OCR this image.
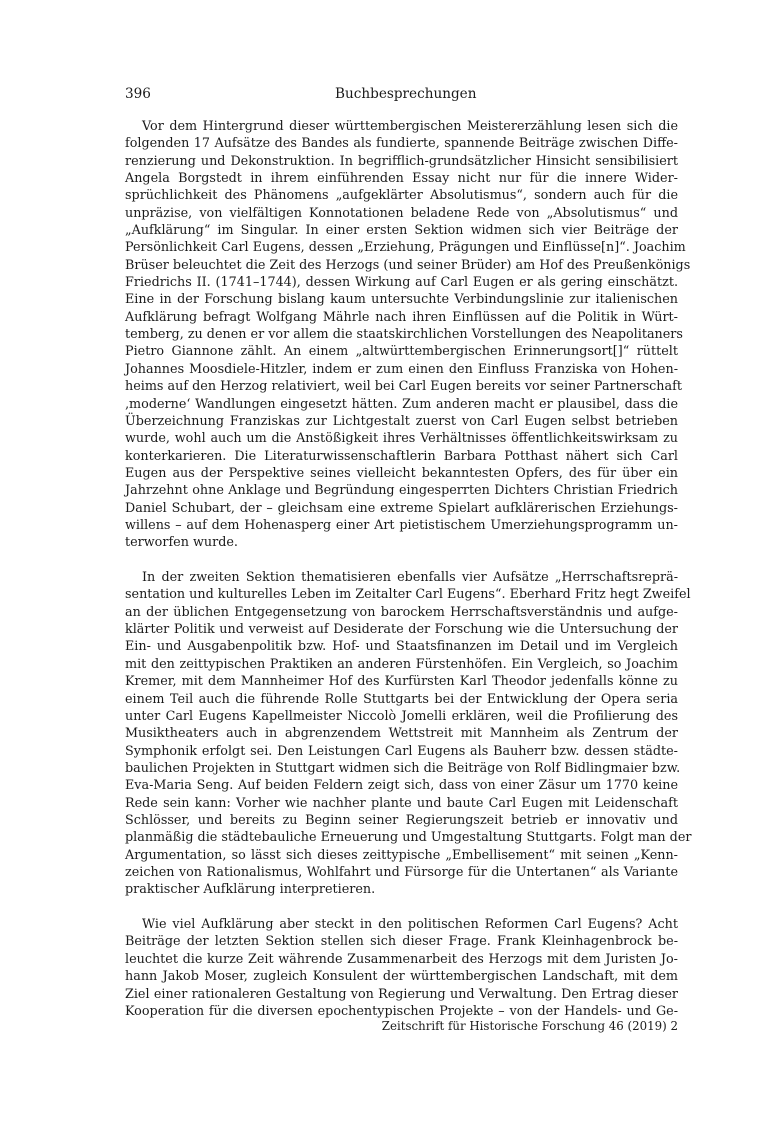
396	Buchbesprechungen
Vor dem Hintergrund dieser württembergischen Meistererzählung lesen sich die
folgenden 17 Aufsätze des Bandes als fundierte, spannende Beiträge zwischen Diffe-
renzierung und Dekonstruktion. In begrifflich-grundsätzlicher Hinsicht sensibilisiert
Angela Borgstedt in ihrem einführenden Essay nicht nur für die innere Wider-
sprüchlichkeit des Phänomens „aufgeklärter Absolutismus“, sondern auch für die
unpräzise, von vielfältigen Konnotationen beladene Rede von „Absolutismus“ und
„Aufklärung“ im Singular. In einer ersten Sektion widmen sich vier Beiträge der
Persönlichkeit Carl Eugens, dessen „Erziehung, Prägungen und Einflüsse[n]“. Joachim
Brüser beleuchtet die Zeit des Herzogs (und seiner Brüder) am Hof des Preußenkönigs
Friedrichs II. (1741–1744), dessen Wirkung auf Carl Eugen er als gering einschätzt.
Eine in der Forschung bislang kaum untersuchte Verbindungslinie zur italienischen
Aufklärung befragt Wolfgang Mährle nach ihren Einflüssen auf die Politik in Würt-
temberg, zu denen er vor allem die staatskirchlichen Vorstellungen des Neapolitaners
Pietro Giannone zählt. An einem „altwürttembergischen Erinnerungsort[]“ rüttelt
Johannes Moosdiele-Hitzler, indem er zum einen den Einfluss Franziska von Hohen-
heims auf den Herzog relativiert, weil bei Carl Eugen bereits vor seiner Partnerschaft
‚moderne‘ Wandlungen eingesetzt hätten. Zum anderen macht er plausibel, dass die
Überzeichnung Franziskas zur Lichtgestalt zuerst von Carl Eugen selbst betrieben
wurde, wohl auch um die Anstößigkeit ihres Verhältnisses öffentlichkeitswirksam zu
konterkarieren. Die Literaturwissenschaftlerin Barbara Potthast nähert sich Carl
Eugen aus der Perspektive seines vielleicht bekanntesten Opfers, des für über ein
Jahrzehnt ohne Anklage und Begründung eingesperrten Dichters Christian Friedrich
Daniel Schubart, der – gleichsam eine extreme Spielart aufklärerischen Erziehungs-
willens – auf dem Hohenasperg einer Art pietistischem Umerziehungsprogramm un-
terworfen wurde.
In der zweiten Sektion thematisieren ebenfalls vier Aufsätze „Herrschaftsreprä-
sentation und kulturelles Leben im Zeitalter Carl Eugens“. Eberhard Fritz hegt Zweifel
an der üblichen Entgegensetzung von barockem Herrschaftsverständnis und aufge-
klärter Politik und verweist auf Desiderate der Forschung wie die Untersuchung der
Ein- und Ausgabenpolitik bzw. Hof- und Staatsfinanzen im Detail und im Vergleich
mit den zeittypischen Praktiken an anderen Fürstenhöfen. Ein Vergleich, so Joachim
Kremer, mit dem Mannheimer Hof des Kurfürsten Karl Theodor jedenfalls könne zu
einem Teil auch die führende Rolle Stuttgarts bei der Entwicklung der Opera seria
unter Carl Eugens Kapellmeister Niccolò Jomelli erklären, weil die Profilierung des
Musiktheaters auch in abgrenzendem Wettstreit mit Mannheim als Zentrum der
Symphonik erfolgt sei. Den Leistungen Carl Eugens als Bauherr bzw. dessen städte-
baulichen Projekten in Stuttgart widmen sich die Beiträge von Rolf Bidlingmaier bzw.
Eva-Maria Seng. Auf beiden Feldern zeigt sich, dass von einer Zäsur um 1770 keine
Rede sein kann: Vorher wie nachher plante und baute Carl Eugen mit Leidenschaft
Schlösser, und bereits zu Beginn seiner Regierungszeit betrieb er innovativ und
planmäßig die städtebauliche Erneuerung und Umgestaltung Stuttgarts. Folgt man der
Argumentation, so lässt sich dieses zeittypische „Embellisement“ mit seinen „Kenn-
zeichen von Rationalismus, Wohlfahrt und Fürsorge für die Untertanen“ als Variante
praktischer Aufklärung interpretieren.
Wie viel Aufklärung aber steckt in den politischen Reformen Carl Eugens? Acht
Beiträge der letzten Sektion stellen sich dieser Frage. Frank Kleinhagenbrock be-
leuchtet die kurze Zeit währende Zusammenarbeit des Herzogs mit dem Juristen Jo-
hann Jakob Moser, zugleich Konsulent der württembergischen Landschaft, mit dem
Ziel einer rationaleren Gestaltung von Regierung und Verwaltung. Den Ertrag dieser
Kooperation für die diversen epochentypischen Projekte – von der Handels- und Ge-
Zeitschrift für Historische Forschung 46 (2019) 2
